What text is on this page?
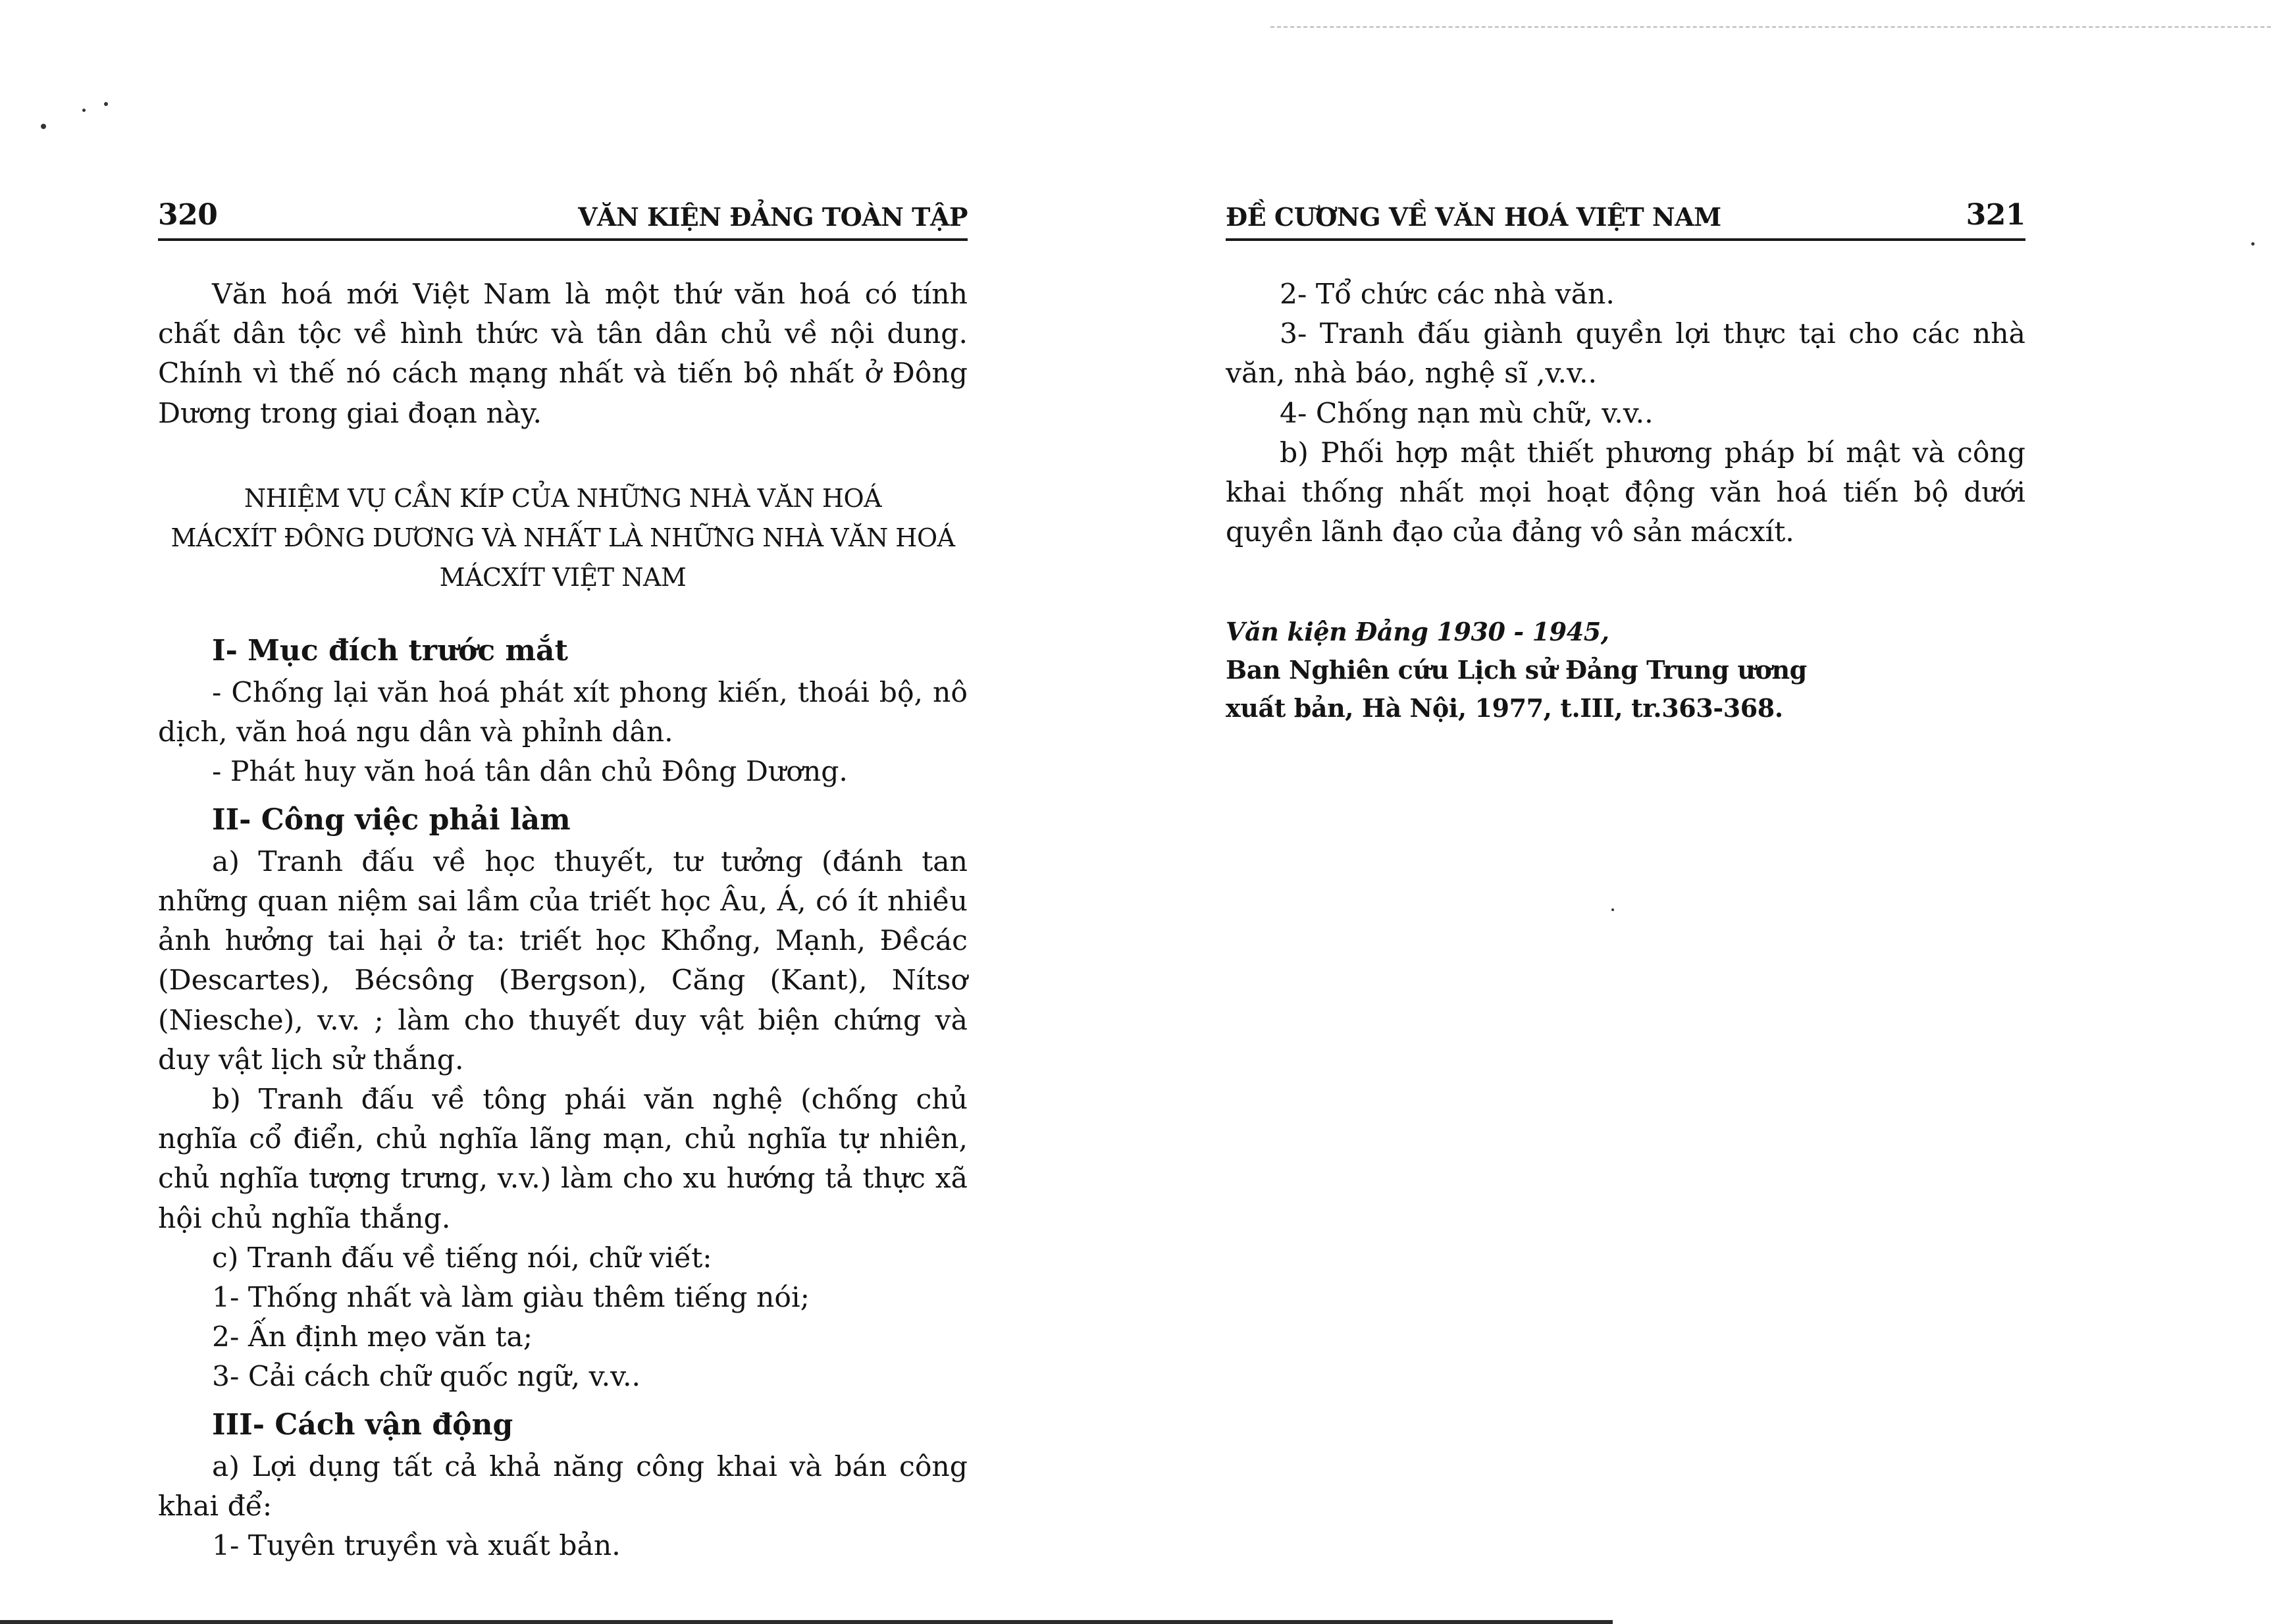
320	VĂN KIỆN ĐẢNG TOÀN TẬP

Văn hoá mới Việt Nam là một thứ văn hoá có tính chất dân tộc về hình thức và tân dân chủ về nội dung. Chính vì thế nó cách mạng nhất và tiến bộ nhất ở Đông Dương trong giai đoạn này.

NHIỆM VỤ CẦN KÍP CỦA NHỮNG NHÀ VĂN HOÁ
MÁCXÍT ĐÔNG DƯƠNG VÀ NHẤT LÀ NHỮNG NHÀ VĂN HOÁ
MÁCXÍT VIỆT NAM
I- Mục đích trước mắt

- Chống lại văn hoá phát xít phong kiến, thoái bộ, nô dịch, văn hoá ngu dân và phỉnh dân.

- Phát huy văn hoá tân dân chủ Đông Dương.

II- Công việc phải làm

a) Tranh đấu về học thuyết, tư tưởng (đánh tan những quan niệm sai lầm của triết học Âu, Á, có ít nhiều ảnh hưởng tai hại ở ta: triết học Khổng, Mạnh, Đềcác (Descartes), Bécsông (Bergson), Căng (Kant), Nítsơ (Niesche), v.v. ; làm cho thuyết duy vật biện chứng và duy vật lịch sử thắng.

b) Tranh đấu về tông phái văn nghệ (chống chủ nghĩa cổ điển, chủ nghĩa lãng mạn, chủ nghĩa tự nhiên, chủ nghĩa tượng trưng, v.v.) làm cho xu hướng tả thực xã hội chủ nghĩa thắng.

c) Tranh đấu về tiếng nói, chữ viết:

1- Thống nhất và làm giàu thêm tiếng nói;

2- Ấn định mẹo văn ta;

3- Cải cách chữ quốc ngữ, v.v..

III- Cách vận động

a) Lợi dụng tất cả khả năng công khai và bán công khai để:

1- Tuyên truyền và xuất bản.

ĐỀ CƯƠNG VỀ VĂN HOÁ VIỆT NAM	321

2- Tổ chức các nhà văn.

3- Tranh đấu giành quyền lợi thực tại cho các nhà văn, nhà báo, nghệ sĩ ,v.v..

4- Chống nạn mù chữ, v.v..

b) Phối hợp mật thiết phương pháp bí mật và công khai thống nhất mọi hoạt động văn hoá tiến bộ dưới quyền lãnh đạo của đảng vô sản mácxít.

Văn kiện Đảng 1930 - 1945,
Ban Nghiên cứu Lịch sử Đảng Trung ương
xuất bản, Hà Nội, 1977, t.III, tr.363-368.
